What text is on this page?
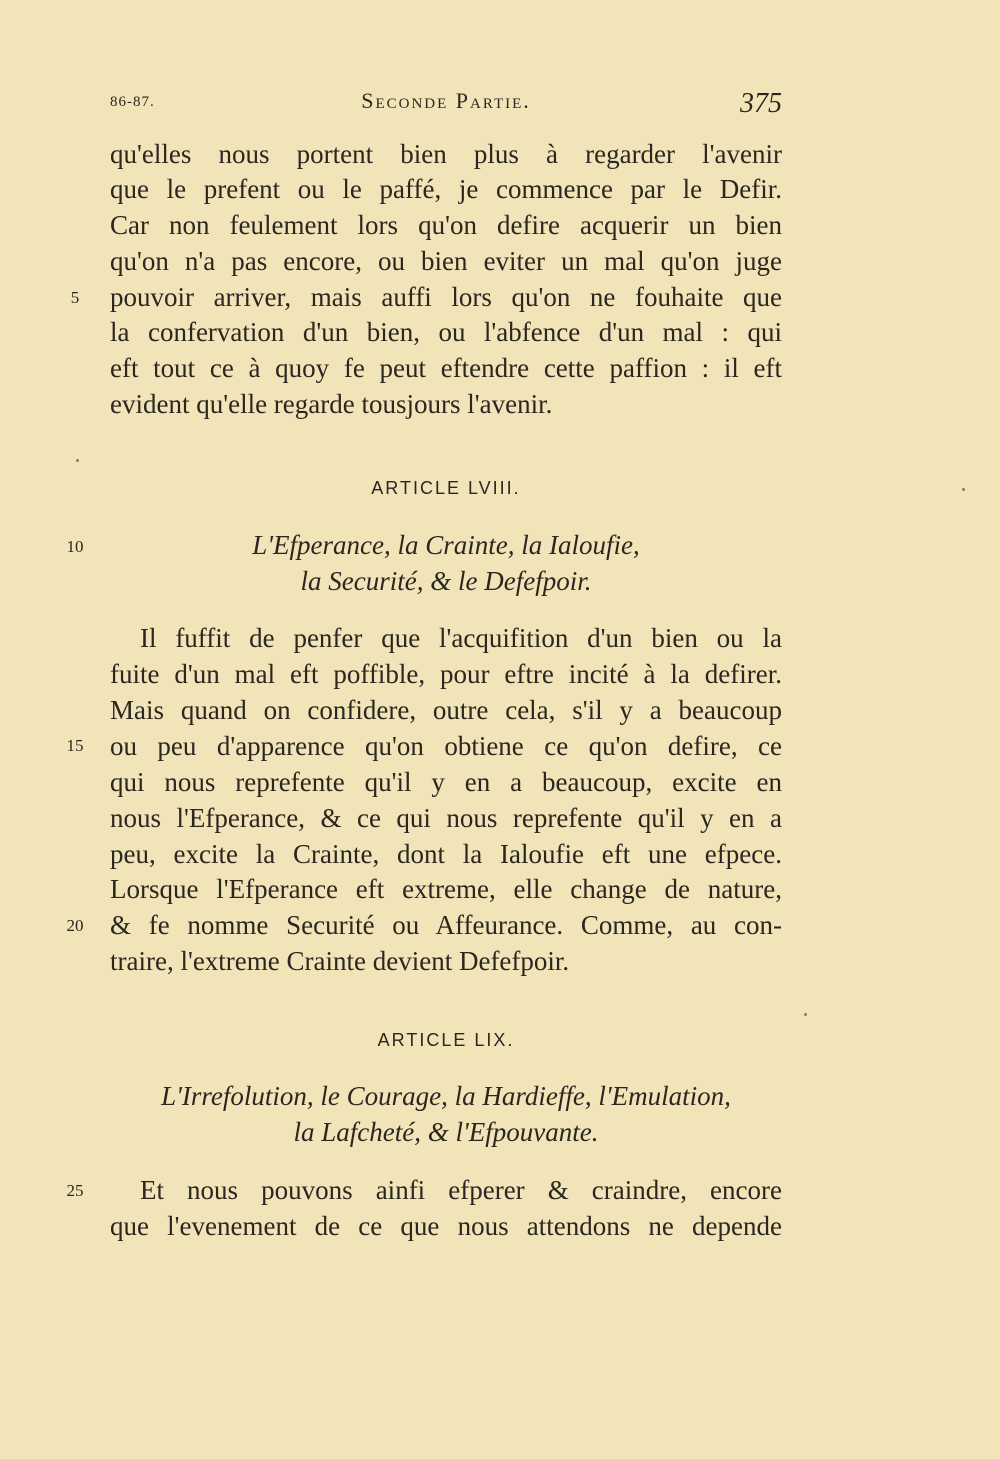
86-87.	Seconde Partie.	375
qu'elles nous portent bien plus à regarder l'avenir
que le prefent ou le paffé, je commence par le Defir.
Car non feulement lors qu'on defire acquerir un bien
qu'on n'a pas encore, ou bien eviter un mal qu'on juge
pouvoir arriver, mais auffi lors qu'on ne fouhaite que
la confervation d'un bien, ou l'abfence d'un mal : qui
eft tout ce à quoy fe peut eftendre cette paffion : il eft
evident qu'elle regarde tousjours l'avenir.
5
ARTICLE LVIII.
L'Efperance, la Crainte, la Ialoufie,
la Securité, & le Defefpoir.
10
Il fuffit de penfer que l'acquifition d'un bien ou la
fuite d'un mal eft poffible, pour eftre incité à la defirer.
Mais quand on confidere, outre cela, s'il y a beaucoup
ou peu d'apparence qu'on obtiene ce qu'on defire, ce
qui nous reprefente qu'il y en a beaucoup, excite en
nous l'Efperance, & ce qui nous reprefente qu'il y en a
peu, excite la Crainte, dont la Ialoufie eft une efpece.
Lorsque l'Efperance eft extreme, elle change de nature,
& fe nomme Securité ou Affeurance. Comme, au con-
traire, l'extreme Crainte devient Defefpoir.
15
20
ARTICLE LIX.
L'Irrefolution, le Courage, la Hardieffe, l'Emulation,
la Lafcheté, & l'Efpouvante.
Et nous pouvons ainfi efperer & craindre, encore
que l'evenement de ce que nous attendons ne depende
25
